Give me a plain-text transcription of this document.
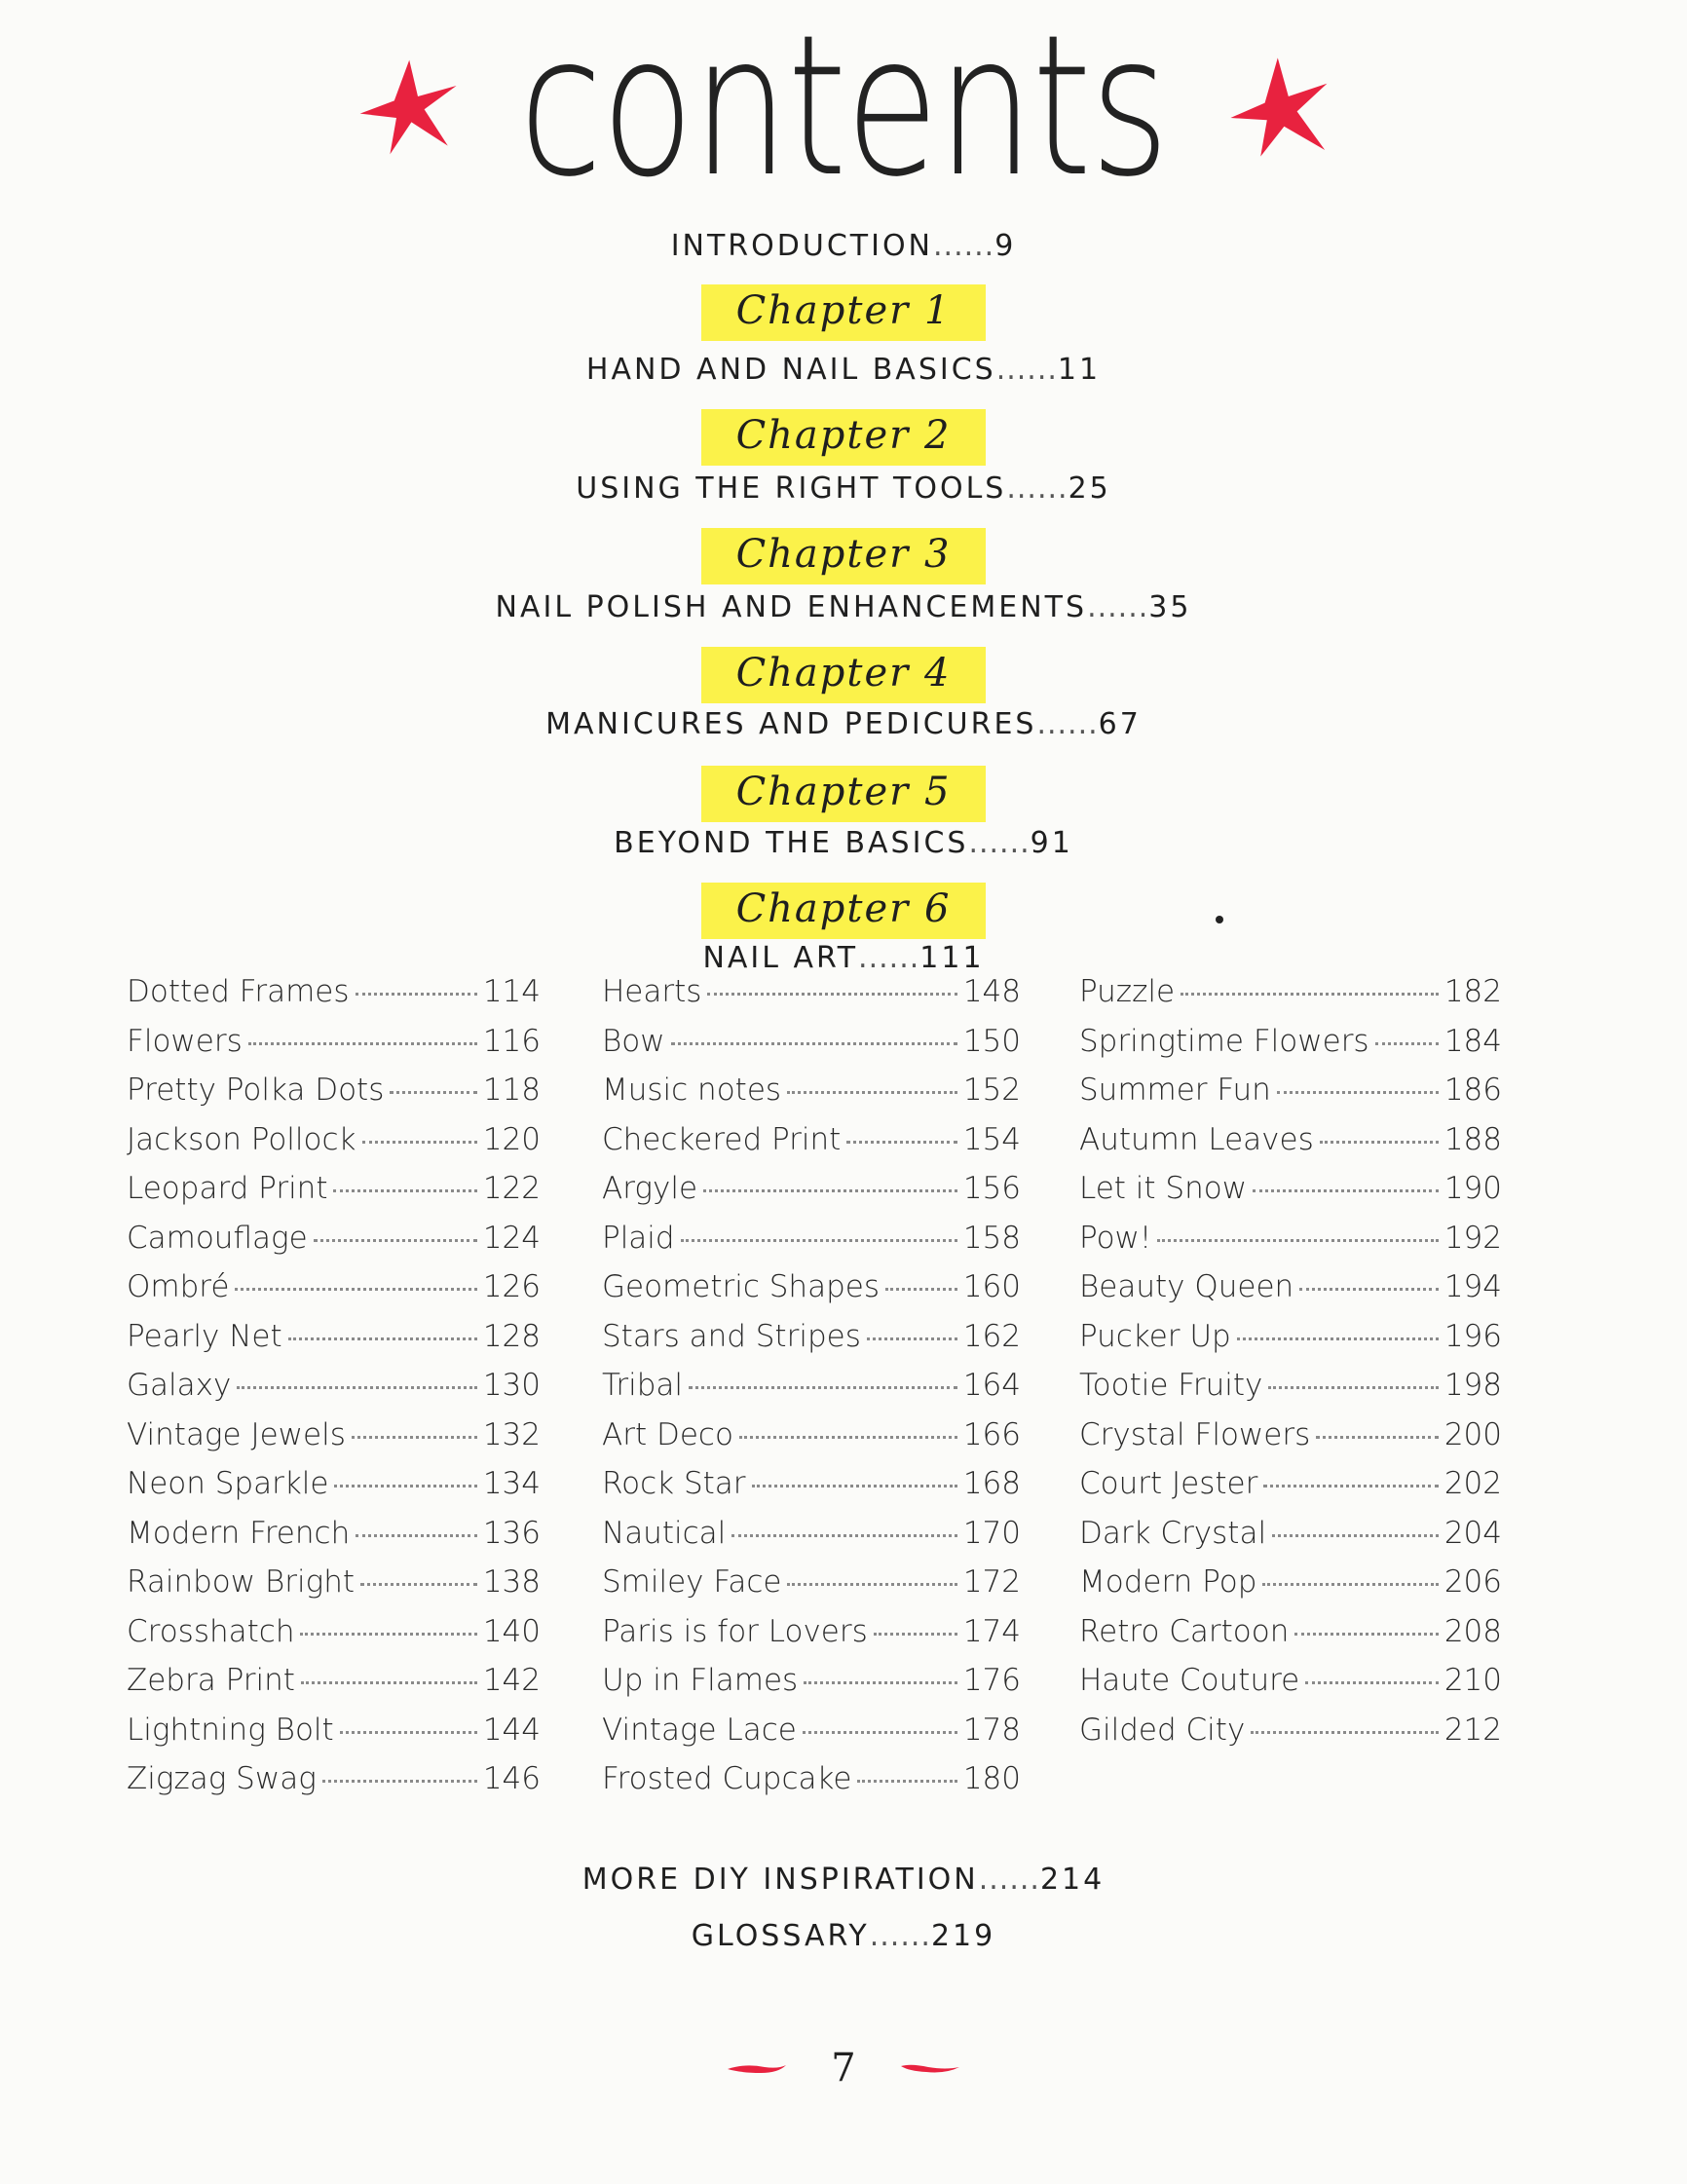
contents
INTRODUCTION......9
Chapter 1
HAND AND NAIL BASICS......11
Chapter 2
USING THE RIGHT TOOLS......25
Chapter 3
NAIL POLISH AND ENHANCEMENTS......35
Chapter 4
MANICURES AND PEDICURES......67
Chapter 5
BEYOND THE BASICS......91
Chapter 6
NAIL ART......111
Dotted Frames	114
Flowers	116
Pretty Polka Dots	118
Jackson Pollock	120
Leopard Print	122
Camouflage	124
Ombré	126
Pearly Net	128
Galaxy	130
Vintage Jewels	132
Neon Sparkle	134
Modern French	136
Rainbow Bright	138
Crosshatch	140
Zebra Print	142
Lightning Bolt	144
Zigzag Swag	146
Hearts	148
Bow	150
Music notes	152
Checkered Print	154
Argyle	156
Plaid	158
Geometric Shapes	160
Stars and Stripes	162
Tribal	164
Art Deco	166
Rock Star	168
Nautical	170
Smiley Face	172
Paris is for Lovers	174
Up in Flames	176
Vintage Lace	178
Frosted Cupcake	180
Puzzle	182
Springtime Flowers 184
Summer Fun	186
Autumn Leaves	188
Let it Snow	190
Pow!	192
Beauty Queen	194
Pucker Up	196
Tootie Fruity	198
Crystal Flowers	200
Court Jester	202
Dark Crystal	204
Modern Pop	206
Retro Cartoon	208
Haute Couture	210
Gilded City	212
MORE DIY INSPIRATION......214
GLOSSARY......219
7
